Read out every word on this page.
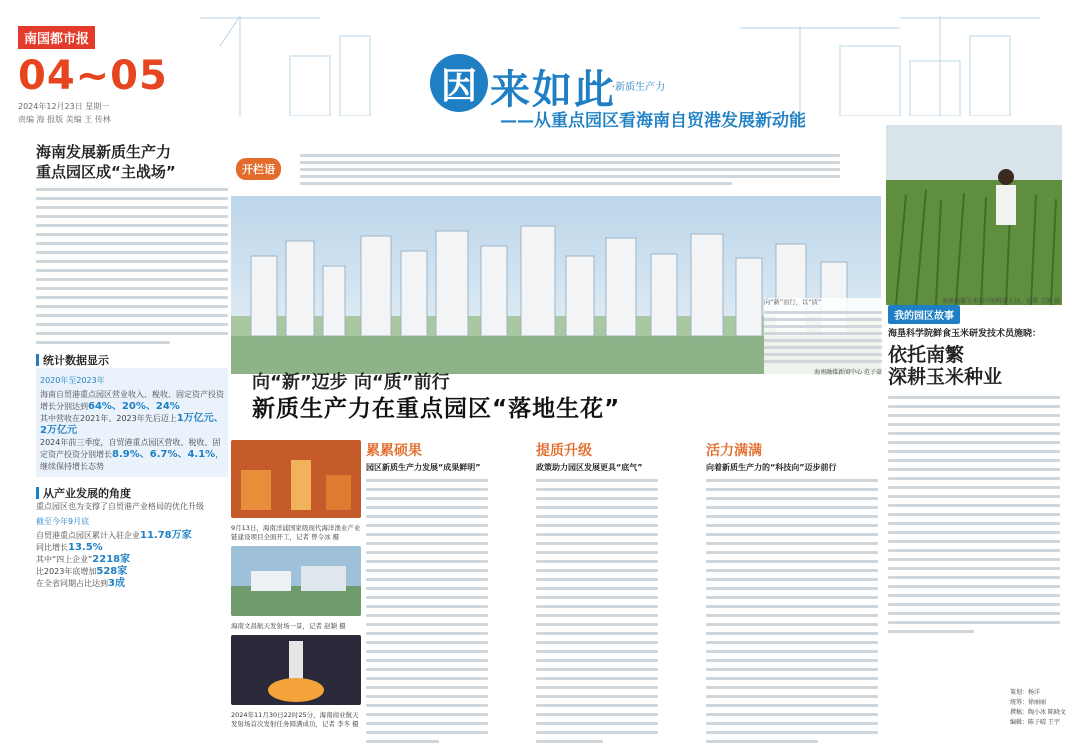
南国都市报
04~05
2024年12月23日 星期一
责编 海 报版 美编 王 传林
因 来如此
·新质生产力
——从重点园区看海南自贸港发展新动能
海南发展新质生产力
重点园区成“主战场”
统计数据显示
2020年至2023年
海南自贸港重点园区营业收入、税收、固定资产投资增长分别达到64%、20%、24%
其中营收在2021年、2023年先后迈上1万亿元、2万亿元
2024年前三季度，自贸港重点园区营收、税收、固定资产投资分别增长8.9%、6.7%、4.1%，继续保持增长态势
从产业发展的角度
重点园区也为支撑了自贸港产业格局的优化升级
截至今年9月底
自贸港重点园区累计入驻企业11.78万家
同比增长13.5%
其中“四上企业”2218家
比2023年底增加528家
在全省同期占比达到3成
开栏语
向“新”而行，以“质”
海南融媒新闻中心 范子豪
向“新”迈步 向“质”前行
新质生产力在重点园区“落地生花”
9月13日，海南洋浦国家级现代海洋渔业产业链建设项目全面开工，记者 曾令冰 摄
海南文昌航天发射场一景，记者 赵颖 摄
2024年11月30日22时25分，海南商业航天发射场首次发射任务圆满成功，记者 李冬 摄
累累硕果
园区新质生产力发展“成果鲜明”
提质升级
政策助力园区发展更具“底气”
活力满满
向着新质生产力的“科技向”迈步前行
海南南繁玉米田中的科研人员，记者 王凯 摄
我的园区故事
海垦科学院鲜食玉米研发技术员施晓：
依托南繁
深耕玉米种业
策划：杨洋
统筹：徐丽丽
撰稿：陶小冰 陈晓文
编辑：陈子晴 王宇
